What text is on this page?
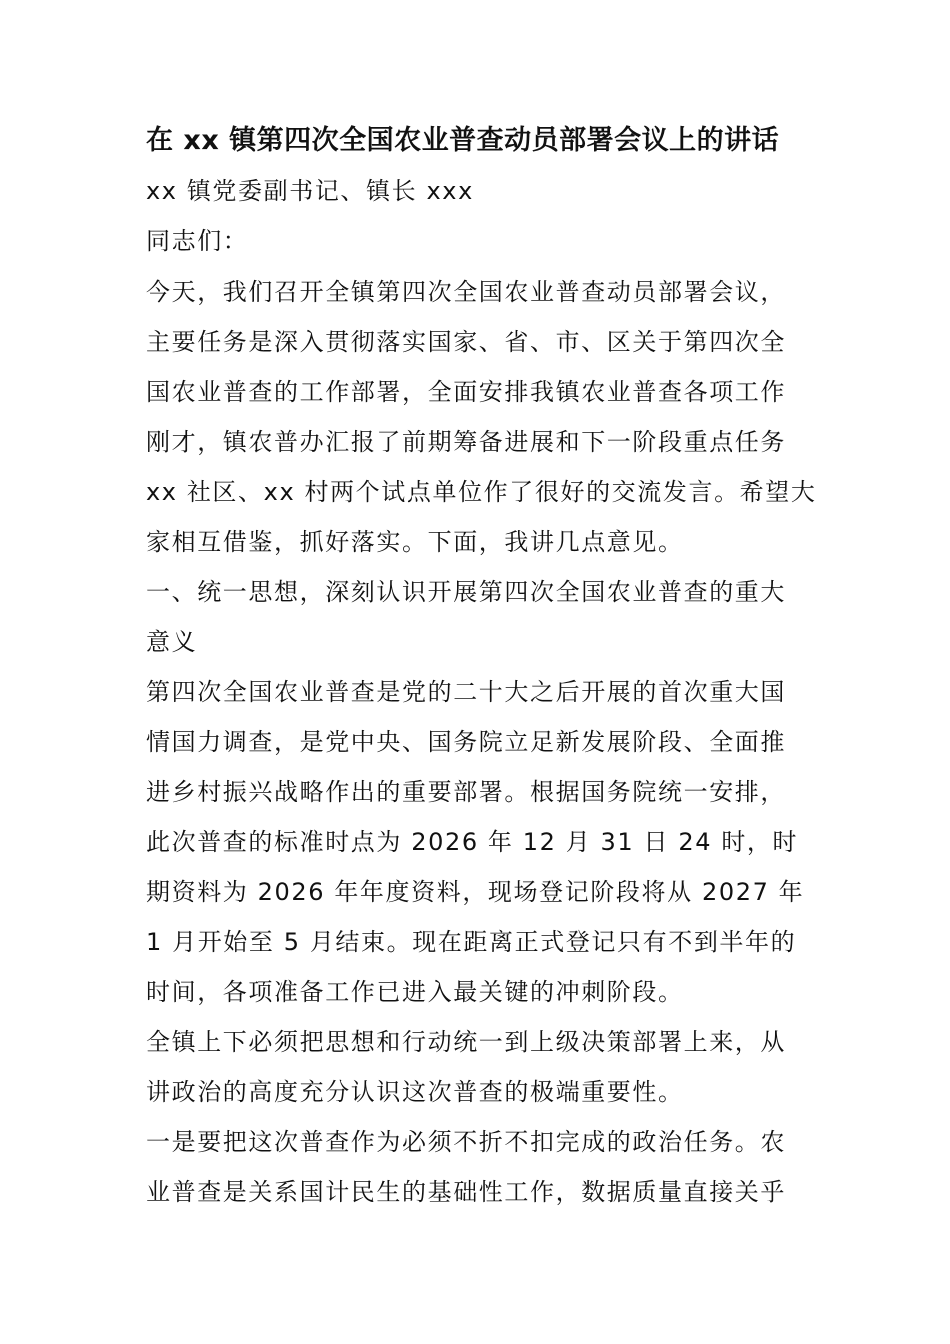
在 xx 镇第四次全国农业普查动员部署会议上的讲话
xx 镇党委副书记、镇长 xxx
同志们：
今天，我们召开全镇第四次全国农业普查动员部署会议，
主要任务是深入贯彻落实国家、省、市、区关于第四次全
国农业普查的工作部署，全面安排我镇农业普查各项工作
刚才，镇农普办汇报了前期筹备进展和下一阶段重点任务
xx 社区、xx 村两个试点单位作了很好的交流发言。希望大
家相互借鉴，抓好落实。下面，我讲几点意见。
一、统一思想，深刻认识开展第四次全国农业普查的重大
意义
第四次全国农业普查是党的二十大之后开展的首次重大国
情国力调查，是党中央、国务院立足新发展阶段、全面推
进乡村振兴战略作出的重要部署。根据国务院统一安排，
此次普查的标准时点为 2026 年 12 月 31 日 24 时，时
期资料为 2026 年年度资料，现场登记阶段将从 2027 年
1 月开始至 5 月结束。现在距离正式登记只有不到半年的
时间，各项准备工作已进入最关键的冲刺阶段。
全镇上下必须把思想和行动统一到上级决策部署上来，从
讲政治的高度充分认识这次普查的极端重要性。
一是要把这次普查作为必须不折不扣完成的政治任务。农
业普查是关系国计民生的基础性工作，数据质量直接关乎
